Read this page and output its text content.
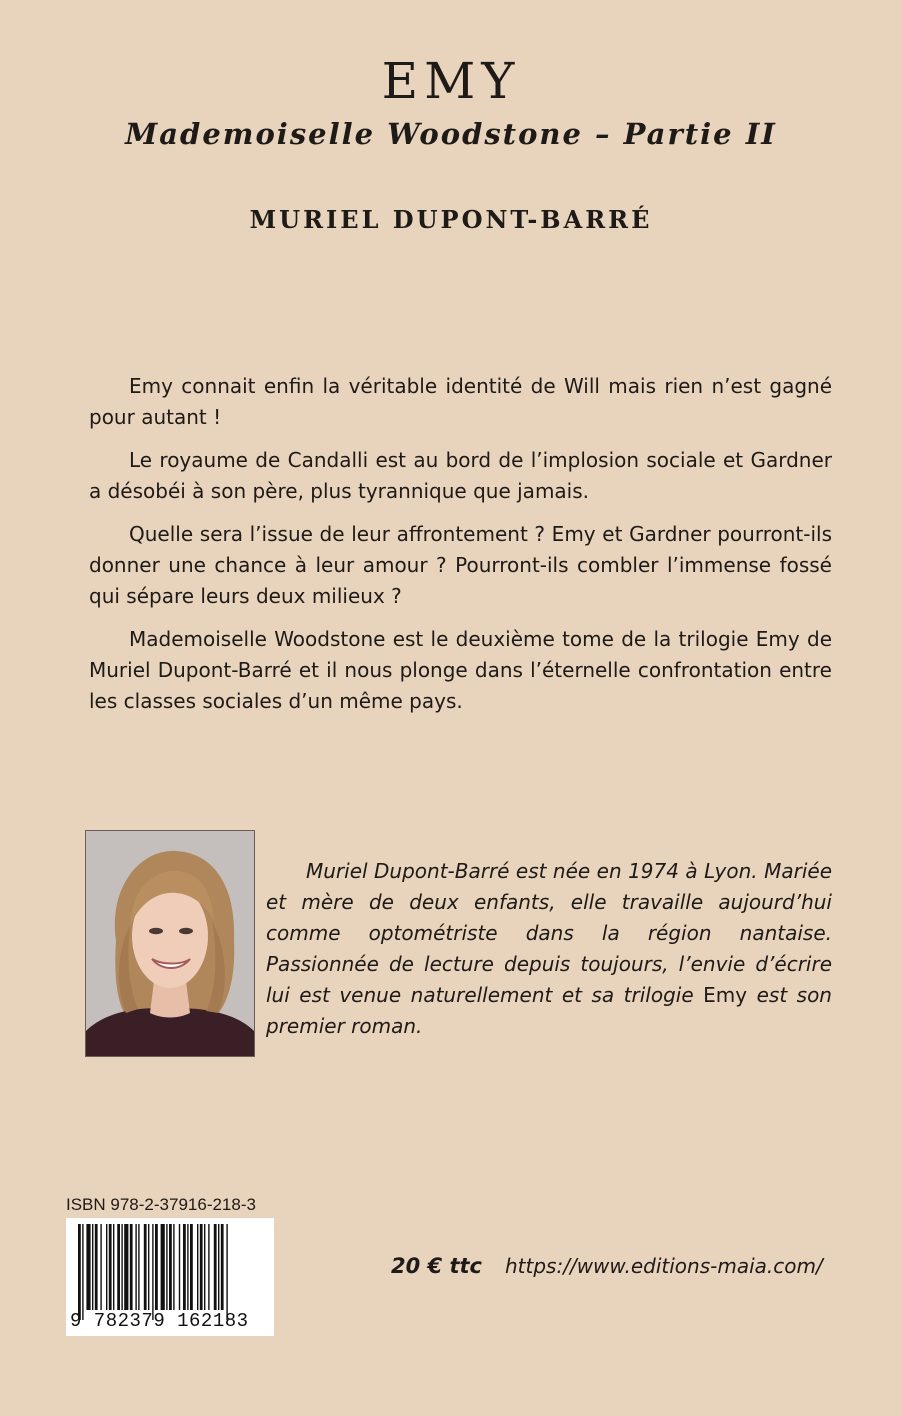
EMY
Mademoiselle Woodstone – Partie II
MURIEL DUPONT-BARRÉ

Emy connait enfin la véritable identité de Will mais rien n’est gagné pour autant !

Le royaume de Candalli est au bord de l’implosion sociale et Gardner a désobéi à son père, plus tyrannique que jamais.

Quelle sera l’issue de leur affrontement ? Emy et Gardner pourront-ils donner une chance à leur amour ? Pourront-ils combler l’immense fossé qui sépare leurs deux milieux ?

Mademoiselle Woodstone est le deuxième tome de la trilogie Emy de Muriel Dupont-Barré et il nous plonge dans l’éternelle confrontation entre les classes sociales d’un même pays.

Muriel Dupont-Barré est née en 1974 à Lyon. Mariée et mère de deux enfants, elle travaille aujourd’hui comme optométriste dans la région nantaise. Passionnée de lecture depuis toujours, l’envie d’écrire lui est venue naturellement et sa trilogie Emy est son premier roman.
ISBN 978-2-37916-218-3
9 782379 162183
20 € ttc https://www.editions-maia.com/
